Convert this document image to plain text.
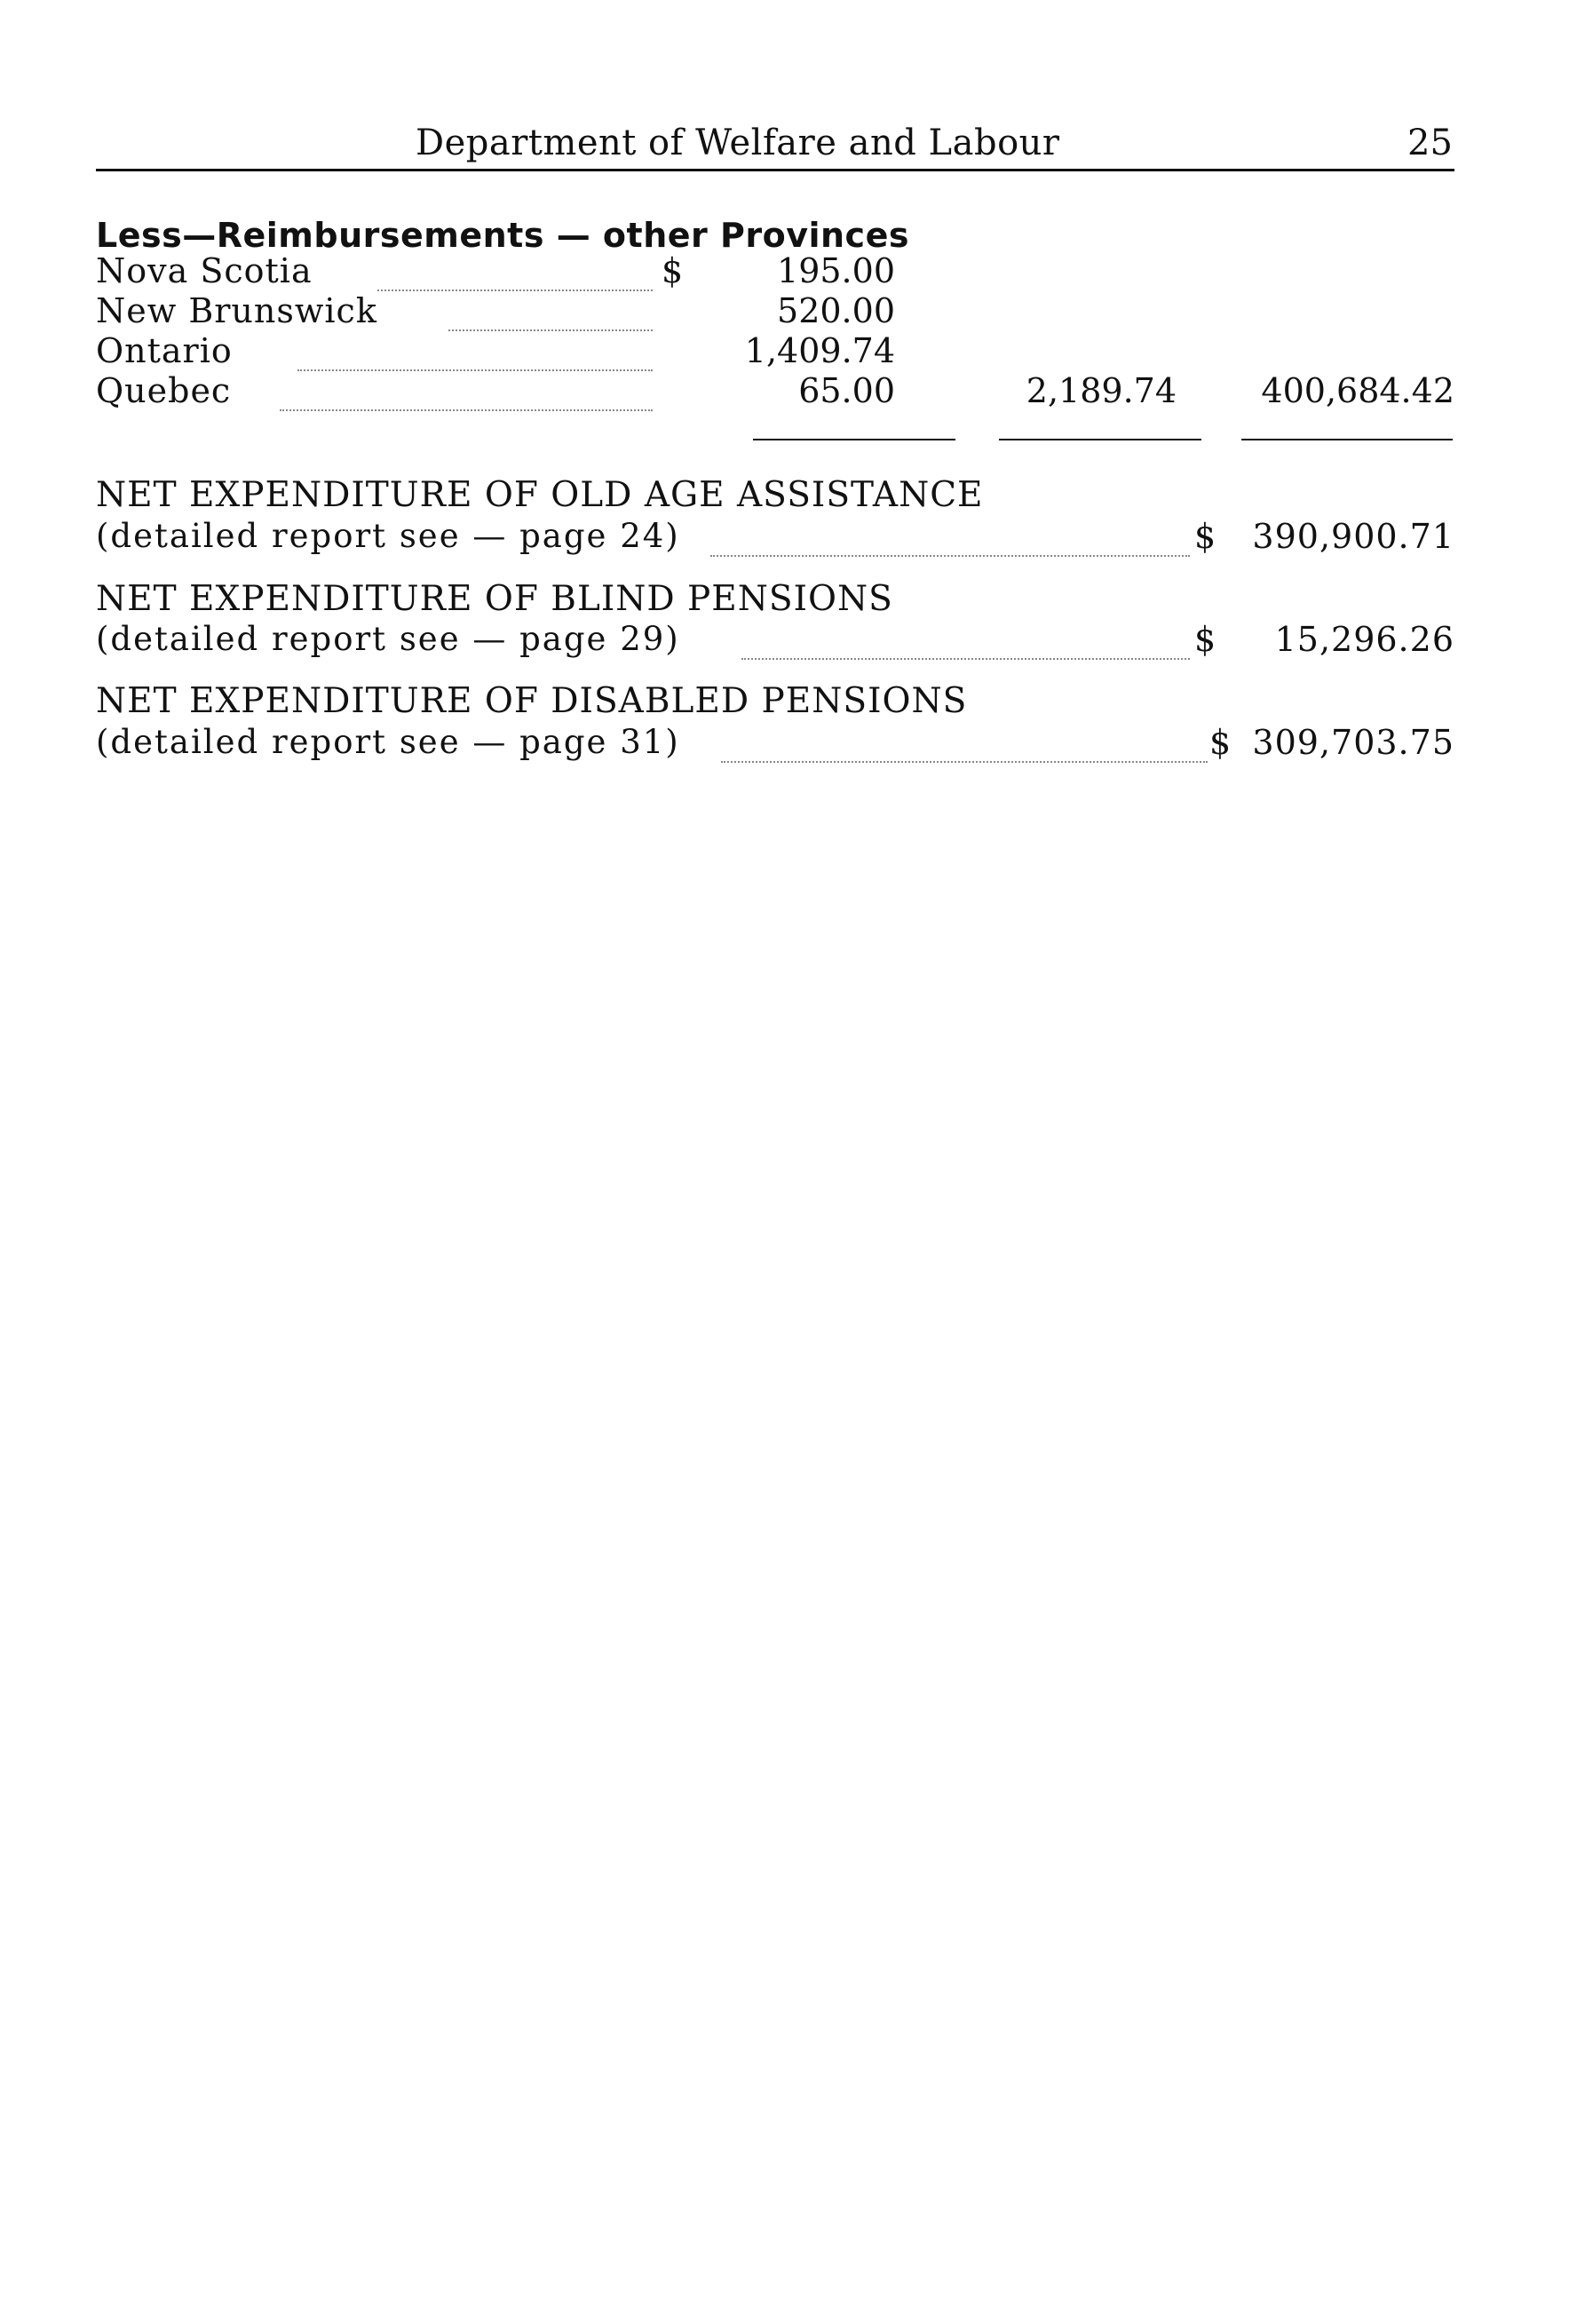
Department of Welfare and Labour	25
Less—Reimbursements — other Provinces
Nova Scotia	$	195.00
New Brunswick	520.00
Ontario	1,409.74
Quebec	65.00	2,189.74	400,684.42
NET EXPENDITURE OF OLD AGE ASSISTANCE
(detailed report see — page 24)	$	390,900.71
NET EXPENDITURE OF BLIND PENSIONS
(detailed report see — page 29)	$	15,296.26
NET EXPENDITURE OF DISABLED PENSIONS
(detailed report see — page 31)	$ 309,703.75
